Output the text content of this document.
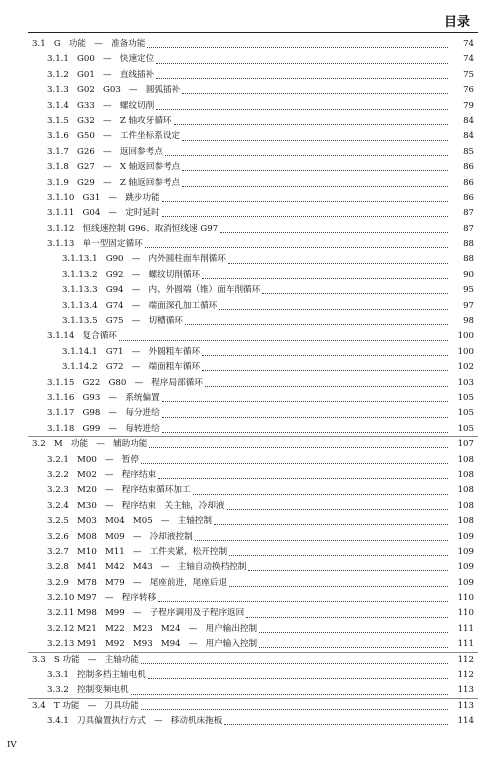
目录
3.1   G   功能   —   准备功能	74
3.1.1   G00   —   快速定位	74
3.1.2   G01   —   直线插补	75
3.1.3   G02   G03   —   圆弧插补	76
3.1.4   G33   —   螺纹切削	79
3.1.5   G32   —   Z 轴攻牙循环	84
3.1.6   G50   —   工件坐标系设定	84
3.1.7   G26   —   返回参考点	85
3.1.8   G27   —   X 轴返回参考点	86
3.1.9   G29   —   Z 轴返回参考点	86
3.1.10   G31   —   跳步功能	86
3.1.11   G04   —   定时延时	87
3.1.12   恒线速控制 G96、取消恒线速 G97	87
3.1.13   单一型固定循环	88
3.1.13.1   G90   —   内外圆柱面车削循环	88
3.1.13.2   G92   —   螺纹切削循环	90
3.1.13.3   G94   —   内、外圆端（锥）面车削循环	95
3.1.13.4   G74   —   端面深孔加工循环	97
3.1.13.5   G75   —   切槽循环	98
3.1.14   复合循环	100
3.1.14.1   G71   —   外圆粗车循环	100
3.1.14.2   G72   —   端面粗车循环	102
3.1.15   G22   G80   —   程序局部循环	103
3.1.16   G93   —   系统偏置	105
3.1.17   G98   —   每分进给	105
3.1.18   G99   —   每转进给	105
3.2   M   功能   —   辅助功能	107
3.2.1   M00   —   暂停	108
3.2.2   M02   —   程序结束	108
3.2.3   M20   —   程序结束循环加工	108
3.2.4   M30   —   程序结束   关主轴，冷却液	108
3.2.5   M03   M04   M05   —   主轴控制	108
3.2.6   M08   M09   —   冷却液控制	109
3.2.7   M10   M11   —   工件夹紧，松开控制	109
3.2.8   M41   M42   M43   —   主轴自动换档控制	109
3.2.9   M78   M79   —   尾座前进，尾座后退	109
3.2.10 M97   —   程序转移	110
3.2.11 M98   M99   —   子程序调用及子程序返回	110
3.2.12 M21   M22   M23   M24   —   用户输出控制	111
3.2.13 M91   M92   M93   M94   —   用户输入控制	111
3.3   S 功能   —   主轴功能	112
3.3.1   控制多档主轴电机	112
3.3.2   控制变频电机	113
3.4   T 功能   —   刀具功能	113
3.4.1   刀具偏置执行方式   —   移动机床拖板	114
IV
